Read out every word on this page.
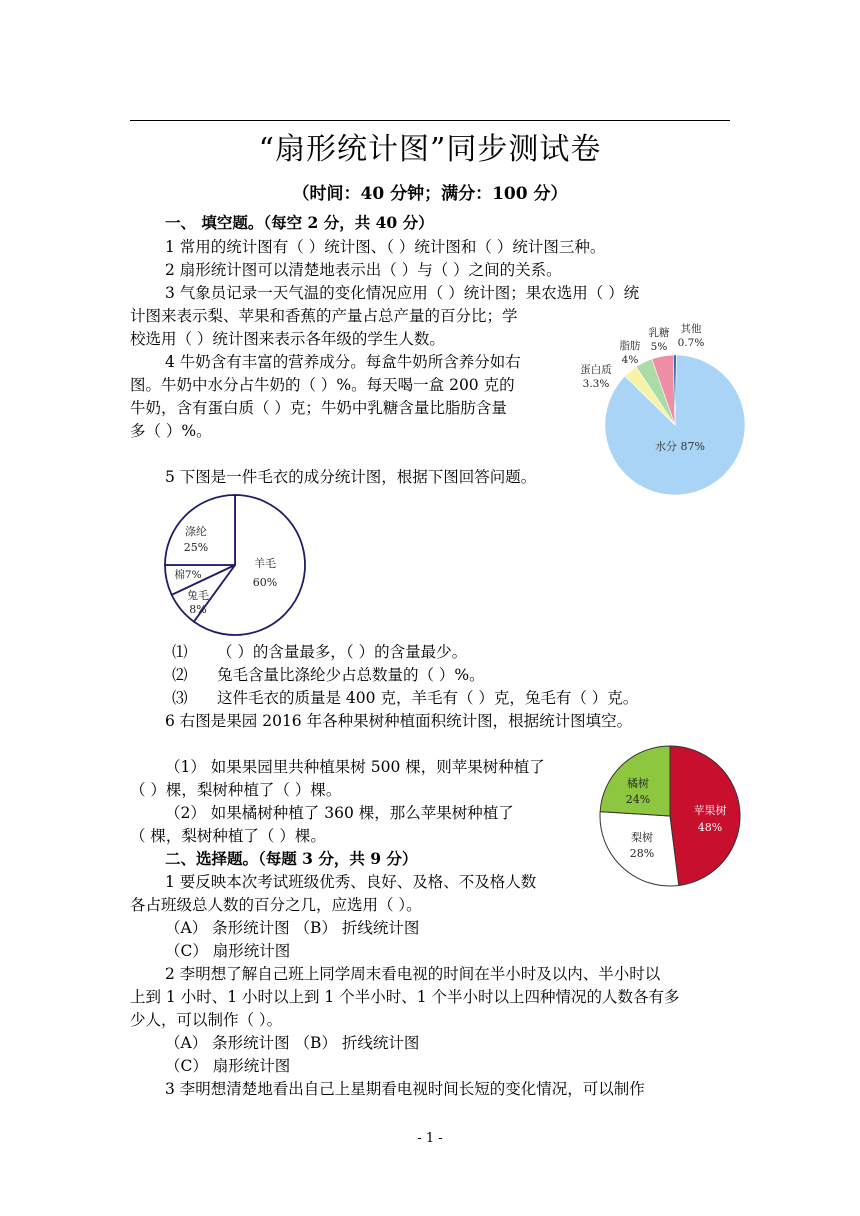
“扇形统计图”同步测试卷
（时间：40 分钟；满分：100 分）
一、 填空题。（每空 2 分，共 40 分）
1 常用的统计图有（ ）统计图、（ ）统计图和（ ）统计图三种。
2 扇形统计图可以清楚地表示出（ ）与（ ）之间的关系。
3 气象员记录一天气温的变化情况应用（ ）统计图；果农选用（ ）统
计图来表示梨、苹果和香蕉的产量占总产量的百分比；学
校选用（ ）统计图来表示各年级的学生人数。
4 牛奶含有丰富的营养成分。每盒牛奶所含养分如右
图。牛奶中水分占牛奶的（ ）%。每天喝一盒 200 克的
牛奶，含有蛋白质（ ）克；牛奶中乳糖含量比脂肪含量
多（ ）%。
5 下图是一件毛衣的成分统计图，根据下图回答问题。
⑴ （ ）的含量最多，（ ）的含量最少。
⑵ 兔毛含量比涤纶少占总数量的（ ）%。
⑶ 这件毛衣的质量是 400 克，羊毛有（ ）克，兔毛有（ ）克。
6 右图是果园 2016 年各种果树种植面积统计图，根据统计图填空。
（1） 如果果园里共种植果树 500 棵，则苹果树种植了
（ ）棵，梨树种植了（ ）棵。
（2） 如果橘树种植了 360 棵，那么苹果树种植了
（ 棵，梨树种植了（ ）棵。
二、选择题。（每题 3 分，共 9 分）
1 要反映本次考试班级优秀、良好、及格、不及格人数
各占班级总人数的百分之几，应选用（ ）。
（A） 条形统计图 （B） 折线统计图
（C） 扇形统计图
2 李明想了解自己班上同学周末看电视的时间在半小时及以内、半小时以
上到 1 小时、1 小时以上到 1 个半小时、1 个半小时以上四种情况的人数各有多
少人，可以制作（ ）。
（A） 条形统计图 （B） 折线统计图
（C） 扇形统计图
3 李明想清楚地看出自己上星期看电视时间长短的变化情况，可以制作
- 1 -
水分 87%
蛋白质
3.3%
脂肪
4%
乳糖
5%
其他
0.7%
羊毛
60%
兔毛
8%
棉7%
涤纶
25%
苹果树
48%
梨树
28%
橘树
24%
